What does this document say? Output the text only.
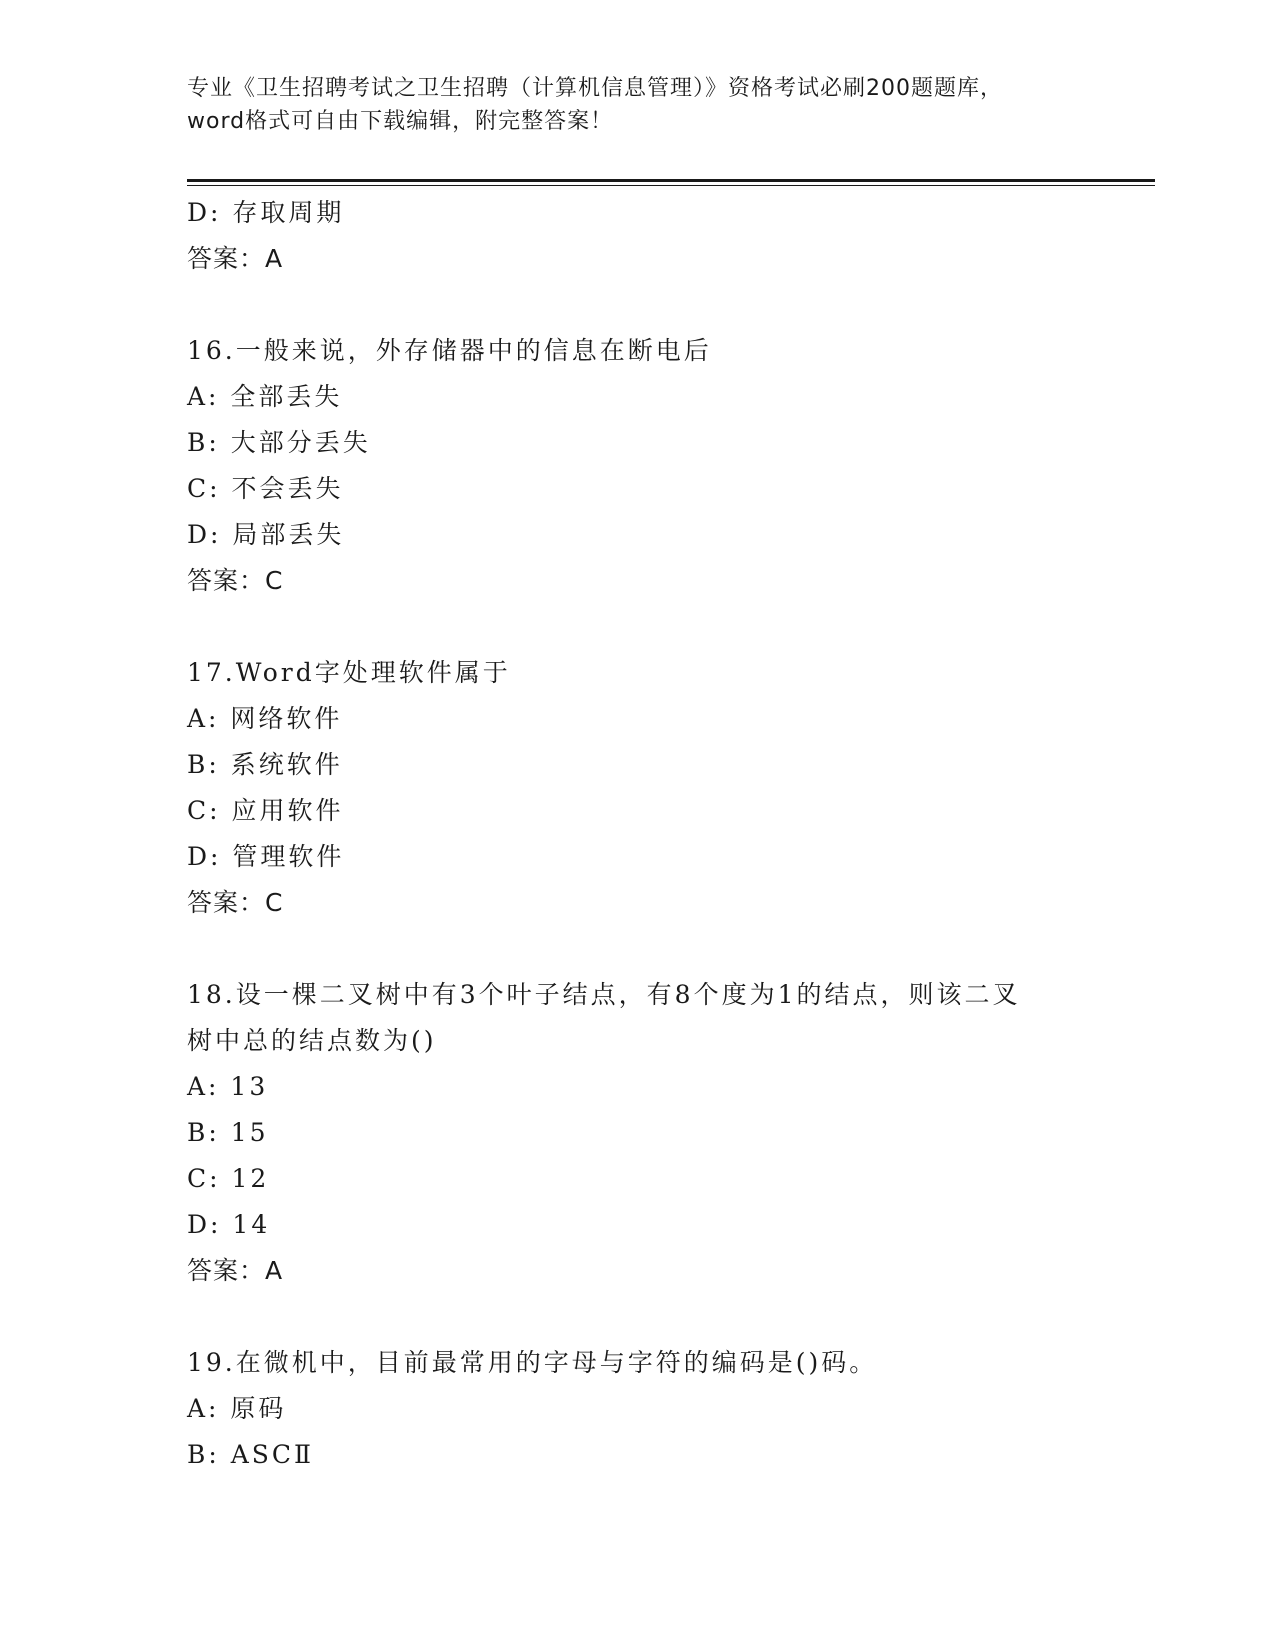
专业《卫生招聘考试之卫生招聘（计算机信息管理）》资格考试必刷200题题库，
word格式可自由下载编辑，附完整答案！
D: 存取周期
答案：A
16.一般来说，外存储器中的信息在断电后
A: 全部丢失
B: 大部分丢失
C: 不会丢失
D: 局部丢失
答案：C
17.Word字处理软件属于
A: 网络软件
B: 系统软件
C: 应用软件
D: 管理软件
答案：C
18.设一棵二叉树中有3个叶子结点，有8个度为1的结点，则该二叉
树中总的结点数为()
A: 13
B: 15
C: 12
D: 14
答案：A
19.在微机中，目前最常用的字母与字符的编码是()码。
A: 原码
B: ASCⅡ
